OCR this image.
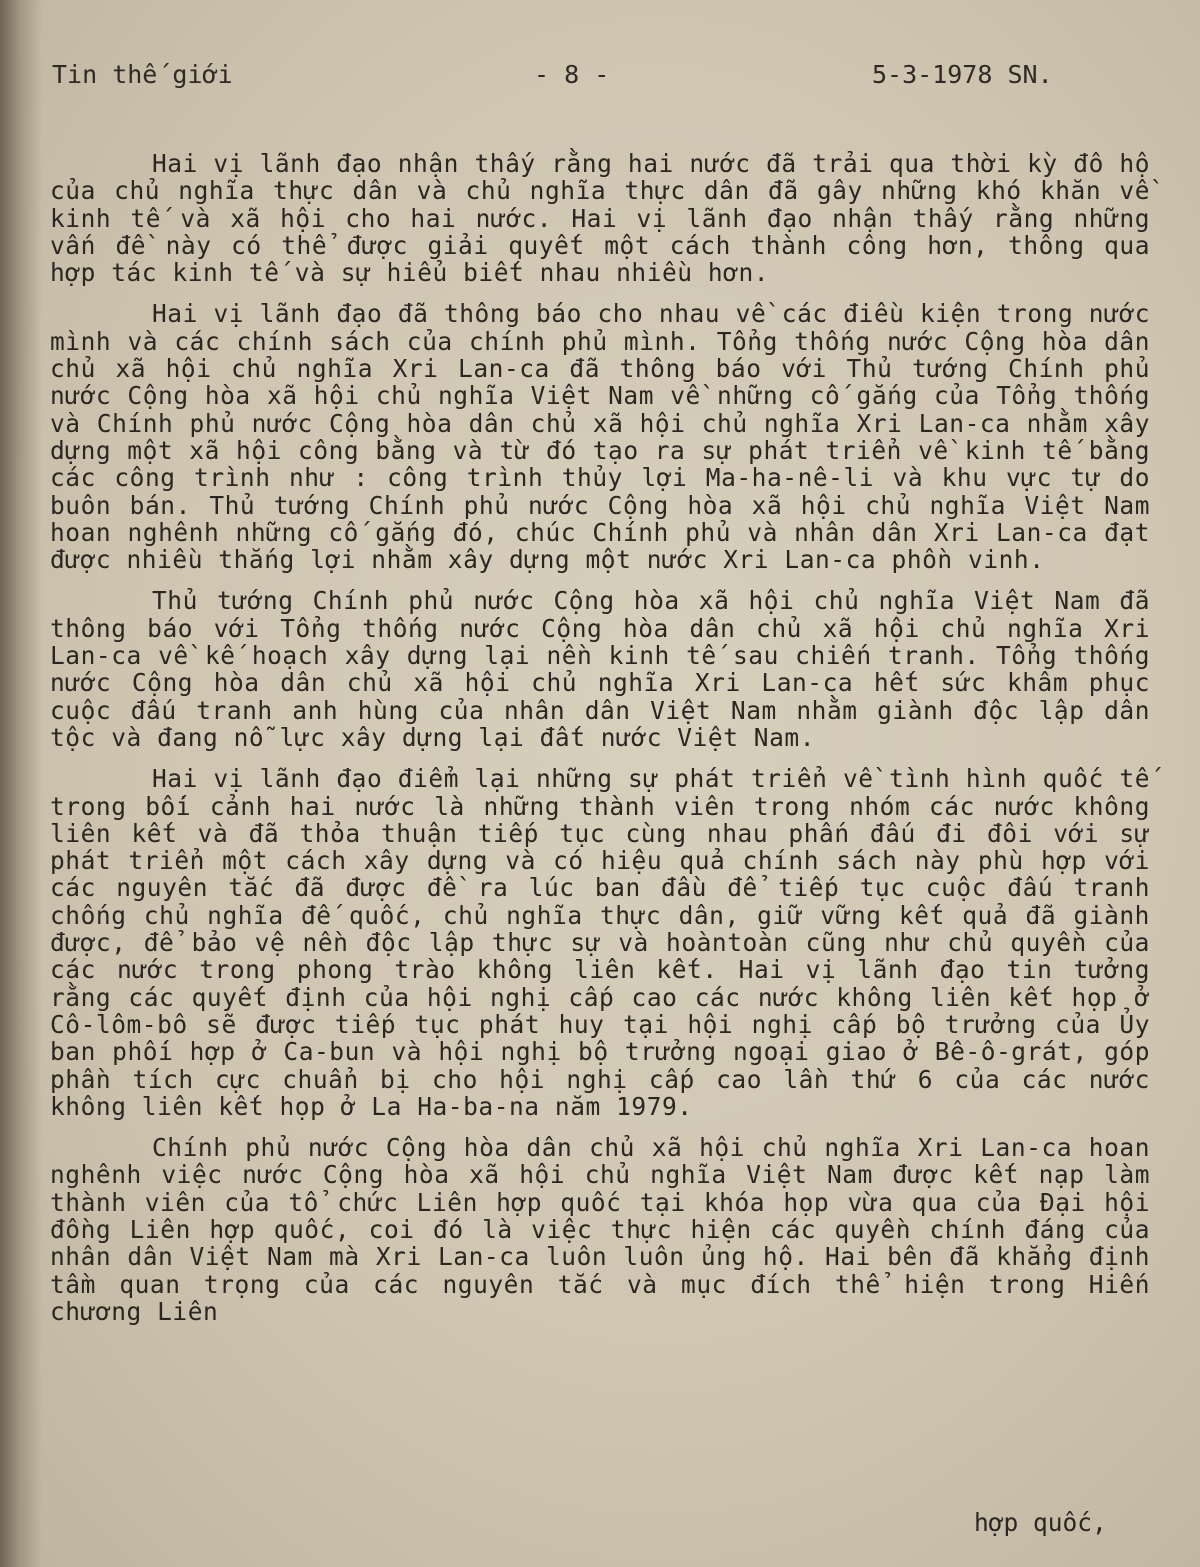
Tin thế giới	- 8 -	5-3-1978 SN.

Hai vị lãnh đạo nhận thấy rằng hai nước đã trải qua thời kỳ đô hộ của chủ nghĩa thực dân và chủ nghĩa thực dân đã gây những khó khăn về kinh tế và xã hội cho hai nước. Hai vị lãnh đạo nhận thấy rằng những vấn đề này có thể được giải quyết một cách thành công hơn, thông qua hợp tác kinh tế và sự hiểu biết nhau nhiều hơn.

Hai vị lãnh đạo đã thông báo cho nhau về các điều kiện trong nước mình và các chính sách của chính phủ mình. Tổng thống nước Cộng hòa dân chủ xã hội chủ nghĩa Xri Lan-ca đã thông báo với Thủ tướng Chính phủ nước Cộng hòa xã hội chủ nghĩa Việt Nam về những cố gắng của Tổng thống và Chính phủ nước Cộng hòa dân chủ xã hội chủ nghĩa Xri Lan-ca nhằm xây dựng một xã hội công bằng và từ đó tạo ra sự phát triển về kinh tế bằng các công trình như : công trình thủy lợi Ma-ha-nê-li và khu vực tự do buôn bán. Thủ tướng Chính phủ nước Cộng hòa xã hội chủ nghĩa Việt Nam hoan nghênh những cố gắng đó, chúc Chính phủ và nhân dân Xri Lan-ca đạt được nhiều thắng lợi nhằm xây dựng một nước Xri Lan-ca phồn vinh.

Thủ tướng Chính phủ nước Cộng hòa xã hội chủ nghĩa Việt Nam đã thông báo với Tổng thống nước Cộng hòa dân chủ xã hội chủ nghĩa Xri Lan-ca về kế hoạch xây dựng lại nền kinh tế sau chiến tranh. Tổng thống nước Cộng hòa dân chủ xã hội chủ nghĩa Xri Lan-ca hết sức khâm phục cuộc đấu tranh anh hùng của nhân dân Việt Nam nhằm giành độc lập dân tộc và đang nỗ lực xây dựng lại đất nước Việt Nam.

Hai vị lãnh đạo điểm lại những sự phát triển về tình hình quốc tế trong bối cảnh hai nước là những thành viên trong nhóm các nước không liên kết và đã thỏa thuận tiếp tục cùng nhau phấn đấu đi đôi với sự phát triển một cách xây dựng và có hiệu quả chính sách này phù hợp với các nguyên tắc đã được đề ra lúc ban đầu để tiếp tục cuộc đấu tranh chống chủ nghĩa đế quốc, chủ nghĩa thực dân, giữ vững kết quả đã giành được, để bảo vệ nền độc lập thực sự và hoàntoàn cũng như chủ quyền của các nước trong phong trào không liên kết. Hai vị lãnh đạo tin tưởng rằng các quyết định của hội nghị cấp cao các nước không liên kết họp ở Cô-lôm-bô sẽ được tiếp tục phát huy tại hội nghị cấp bộ trưởng của Ủy ban phối hợp ở Ca-bun và hội nghị bộ trưởng ngoại giao ở Bê-ô-grát, góp phần tích cực chuẩn bị cho hội nghị cấp cao lần thứ 6 của các nước không liên kết họp ở La Ha-ba-na năm 1979.

Chính phủ nước Cộng hòa dân chủ xã hội chủ nghĩa Xri Lan-ca hoan nghênh việc nước Cộng hòa xã hội chủ nghĩa Việt Nam được kết nạp làm thành viên của tổ chức Liên hợp quốc tại khóa họp vừa qua của Đại hội đồng Liên hợp quốc, coi đó là việc thực hiện các quyền chính đáng của nhân dân Việt Nam mà Xri Lan-ca luôn luôn ủng hộ. Hai bên đã khẳng định tầm quan trọng của các nguyên tắc và mục đích thể hiện trong Hiến chương Liên

hợp quốc,
